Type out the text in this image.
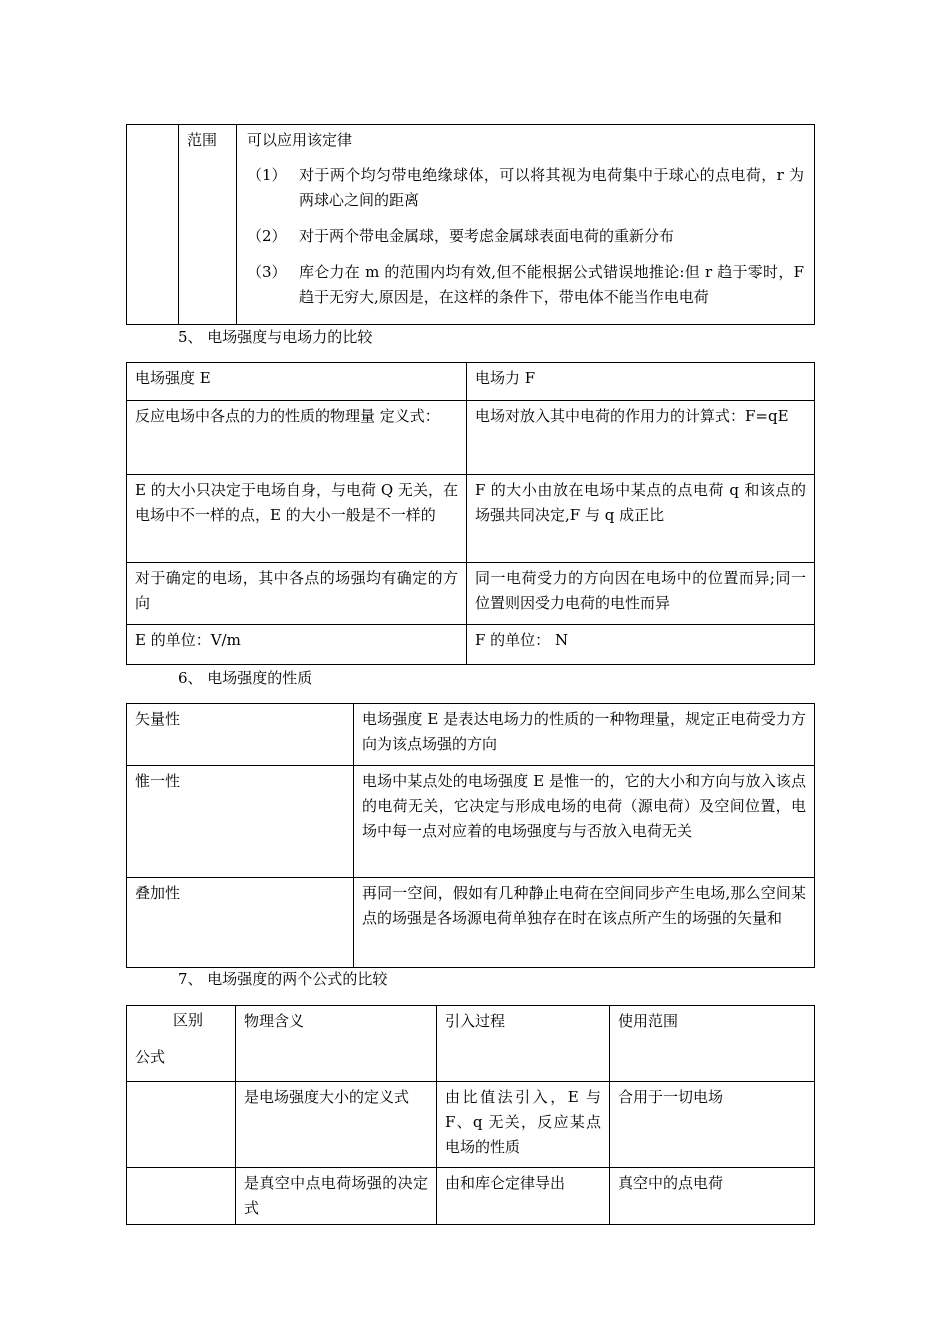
	范围	可以应用该定律
（1） 对于两个均匀带电绝缘球体，可以将其视为电荷集中于球心的点电荷，r 为两球心之间的距离
（2） 对于两个带电金属球，要考虑金属球表面电荷的重新分布
（3） 库仑力在 m 的范围内均有效,但不能根据公式错误地推论:但 r 趋于零时，F 趋于无穷大,原因是，在这样的条件下，带电体不能当作电电荷
5、 电场强度与电场力的比较
电场强度 E	电场力 F
反应电场中各点的力的性质的物理量 定义式：	电场对放入其中电荷的作用力的计算式：F=qE
E 的大小只决定于电场自身，与电荷 Q 无关，在电场中不一样的点，E 的大小一般是不一样的	F 的大小由放在电场中某点的点电荷 q 和该点的场强共同决定,F 与 q 成正比
对于确定的电场，其中各点的场强均有确定的方向	同一电荷受力的方向因在电场中的位置而异;同一位置则因受力电荷的电性而异
E 的单位：V/m	F 的单位： N
6、 电场强度的性质
矢量性	电场强度 E 是表达电场力的性质的一种物理量，规定正电荷受力方向为该点场强的方向
惟一性	电场中某点处的电场强度 E 是惟一的，它的大小和方向与放入该点的电荷无关，它决定与形成电场的电荷（源电荷）及空间位置，电场中每一点对应着的电场强度与与否放入电荷无关
叠加性	再同一空间，假如有几种静止电荷在空间同步产生电场,那么空间某点的场强是各场源电荷单独存在时在该点所产生的场强的矢量和
7、 电场强度的两个公式的比较
区别
公式	物理含义	引入过程	使用范围
	是电场强度大小的定义式	由比值法引入，E 与 F、q 无关，反应某点电场的性质	合用于一切电场
	是真空中点电荷场强的决定式	由和库仑定律导出	真空中的点电荷
